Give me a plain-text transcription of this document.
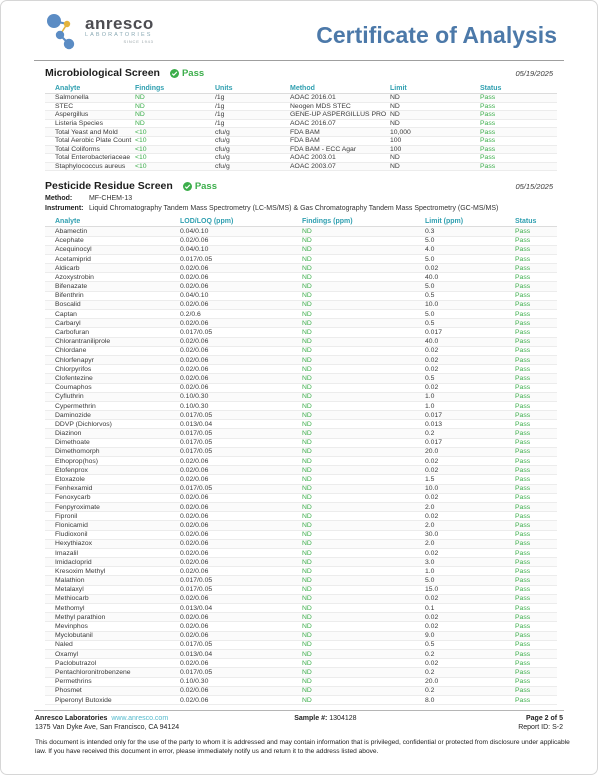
anresco
LABORATORIES
SINCE 1943	Certificate of Analysis
Microbiological Screen Pass	05/19/2025
Analyte	Findings	Units	Method	Limit	Status
Salmonella	ND	/1g	AOAC 2016.01	ND	Pass
STEC	ND	/1g	Neogen MDS STEC	ND	Pass
Aspergillus	ND	/1g	GENE-UP ASPERGILLUS PRO	ND	Pass
Listeria Species	ND	/1g	AOAC 2016.07	ND	Pass
Total Yeast and Mold	<10	cfu/g	FDA BAM	10,000	Pass
Total Aerobic Plate Count	<10	cfu/g	FDA BAM	100	Pass
Total Coliforms	<10	cfu/g	FDA BAM - ECC Agar	100	Pass
Total Enterobacteriaceae	<10	cfu/g	AOAC 2003.01	ND	Pass
Staphylococcus aureus	<10	cfu/g	AOAC 2003.07	ND	Pass
Pesticide Residue Screen Pass	05/15/2025
Method: MF-CHEM-13
Instrument: Liquid Chromatography Tandem Mass Spectrometry (LC-MS/MS) & Gas Chromatography Tandem Mass Spectrometry (GC-MS/MS)
Analyte	LOD/LOQ (ppm)	Findings (ppm)	Limit (ppm)	Status
Abamectin	0.04/0.10	ND	0.3	Pass
Acephate	0.02/0.06	ND	5.0	Pass
Acequinocyl	0.04/0.10	ND	4.0	Pass
Acetamiprid	0.017/0.05	ND	5.0	Pass
Aldicarb	0.02/0.06	ND	0.02	Pass
Azoxystrobin	0.02/0.06	ND	40.0	Pass
Bifenazate	0.02/0.06	ND	5.0	Pass
Bifenthrin	0.04/0.10	ND	0.5	Pass
Boscalid	0.02/0.06	ND	10.0	Pass
Captan	0.2/0.6	ND	5.0	Pass
Carbaryl	0.02/0.06	ND	0.5	Pass
Carbofuran	0.017/0.05	ND	0.017	Pass
Chlorantraniliprole	0.02/0.06	ND	40.0	Pass
Chlordane	0.02/0.06	ND	0.02	Pass
Chlorfenapyr	0.02/0.06	ND	0.02	Pass
Chlorpyrifos	0.02/0.06	ND	0.02	Pass
Clofentezine	0.02/0.06	ND	0.5	Pass
Coumaphos	0.02/0.06	ND	0.02	Pass
Cyfluthrin	0.10/0.30	ND	1.0	Pass
Cypermethrin	0.10/0.30	ND	1.0	Pass
Daminozide	0.017/0.05	ND	0.017	Pass
DDVP (Dichlorvos)	0.013/0.04	ND	0.013	Pass
Diazinon	0.017/0.05	ND	0.2	Pass
Dimethoate	0.017/0.05	ND	0.017	Pass
Dimethomorph	0.017/0.05	ND	20.0	Pass
Ethoprop(hos)	0.02/0.06	ND	0.02	Pass
Etofenprox	0.02/0.06	ND	0.02	Pass
Etoxazole	0.02/0.06	ND	1.5	Pass
Fenhexamid	0.017/0.05	ND	10.0	Pass
Fenoxycarb	0.02/0.06	ND	0.02	Pass
Fenpyroximate	0.02/0.06	ND	2.0	Pass
Fipronil	0.02/0.06	ND	0.02	Pass
Flonicamid	0.02/0.06	ND	2.0	Pass
Fludioxonil	0.02/0.06	ND	30.0	Pass
Hexythiazox	0.02/0.06	ND	2.0	Pass
Imazalil	0.02/0.06	ND	0.02	Pass
Imidacloprid	0.02/0.06	ND	3.0	Pass
Kresoxim Methyl	0.02/0.06	ND	1.0	Pass
Malathion	0.017/0.05	ND	5.0	Pass
Metalaxyl	0.017/0.05	ND	15.0	Pass
Methiocarb	0.02/0.06	ND	0.02	Pass
Methomyl	0.013/0.04	ND	0.1	Pass
Methyl parathion	0.02/0.06	ND	0.02	Pass
Mevinphos	0.02/0.06	ND	0.02	Pass
Myclobutanil	0.02/0.06	ND	9.0	Pass
Naled	0.017/0.05	ND	0.5	Pass
Oxamyl	0.013/0.04	ND	0.2	Pass
Paclobutrazol	0.02/0.06	ND	0.02	Pass
Pentachloronitrobenzene	0.017/0.05	ND	0.2	Pass
Permethrins	0.10/0.30	ND	20.0	Pass
Phosmet	0.02/0.06	ND	0.2	Pass
Piperonyl Butoxide	0.02/0.06	ND	8.0	Pass
Anresco Laboratories www.anresco.com
1375 Van Dyke Ave, San Francisco, CA 94124
Sample #: 1304128	Page 2 of 5
Report ID: S-2
This document is intended only for the use of the party to whom it is addressed and may contain information that is privileged, confidential or protected from disclosure under applicable law. If you have received this document in error, please immediately notify us and return it to the address listed above.
